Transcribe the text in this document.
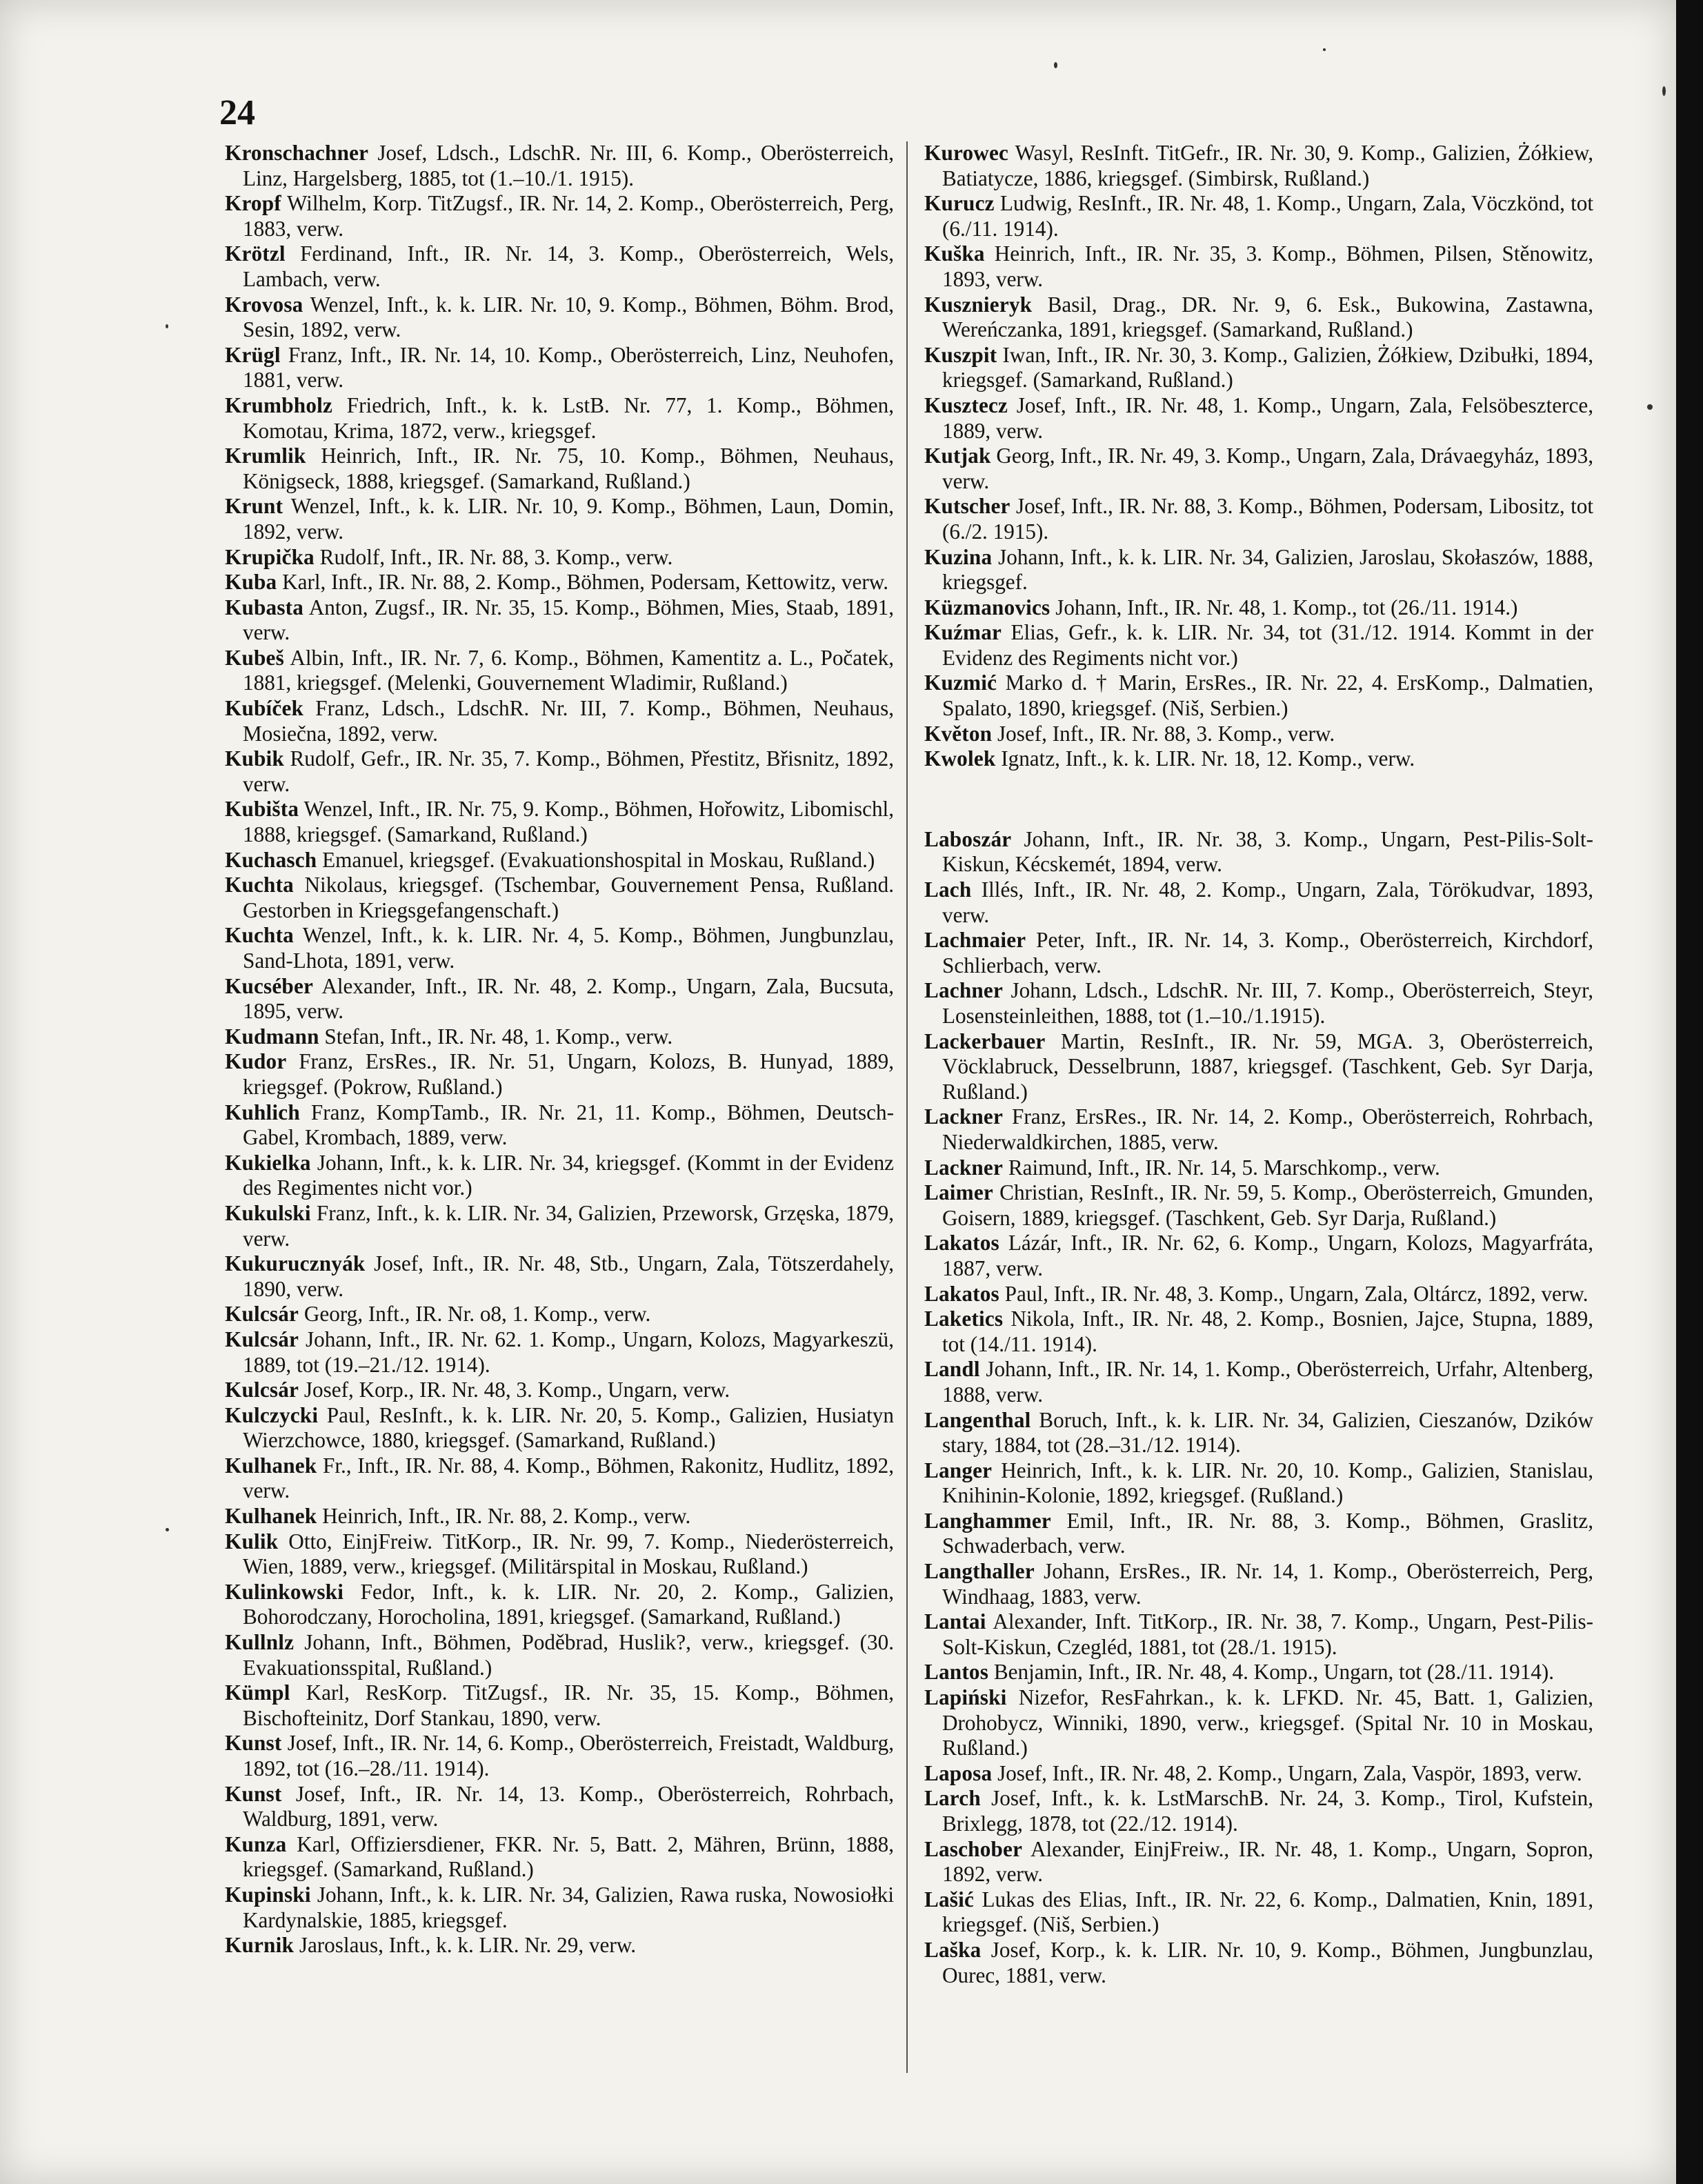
24

Kronschachner Josef, Ldsch., LdschR. Nr. III, 6. Komp., Oberösterreich, Linz, Hargelsberg, 1885, tot (1.–10./1. 1915).

Kropf Wilhelm, Korp. TitZugsf., IR. Nr. 14, 2. Komp., Oberösterreich, Perg, 1883, verw.

Krötzl Ferdinand, Inft., IR. Nr. 14, 3. Komp., Oberösterreich, Wels, Lambach, verw.

Krovosa Wenzel, Inft., k. k. LIR. Nr. 10, 9. Komp., Böhmen, Böhm. Brod, Sesin, 1892, verw.

Krügl Franz, Inft., IR. Nr. 14, 10. Komp., Oberösterreich, Linz, Neuhofen, 1881, verw.

Krumbholz Friedrich, Inft., k. k. LstB. Nr. 77, 1. Komp., Böhmen, Komotau, Krima, 1872, verw., kriegsgef.

Krumlik Heinrich, Inft., IR. Nr. 75, 10. Komp., Böhmen, Neuhaus, Königseck, 1888, kriegsgef. (Samarkand, Rußland.)

Krunt Wenzel, Inft., k. k. LIR. Nr. 10, 9. Komp., Böhmen, Laun, Domin, 1892, verw.

Krupička Rudolf, Inft., IR. Nr. 88, 3. Komp., verw.

Kuba Karl, Inft., IR. Nr. 88, 2. Komp., Böhmen, Podersam, Kettowitz, verw.

Kubasta Anton, Zugsf., IR. Nr. 35, 15. Komp., Böhmen, Mies, Staab, 1891, verw.

Kubeš Albin, Inft., IR. Nr. 7, 6. Komp., Böhmen, Kamentitz a. L., Počatek, 1881, kriegsgef. (Melenki, Gouvernement Wladimir, Rußland.)

Kubíček Franz, Ldsch., LdschR. Nr. III, 7. Komp., Böhmen, Neuhaus, Mosiečna, 1892, verw.

Kubik Rudolf, Gefr., IR. Nr. 35, 7. Komp., Böhmen, Přestitz, Břisnitz, 1892, verw.

Kubišta Wenzel, Inft., IR. Nr. 75, 9. Komp., Böhmen, Hořowitz, Libomischl, 1888, kriegsgef. (Samarkand, Rußland.)

Kuchasch Emanuel, kriegsgef. (Evakuationshospital in Moskau, Rußland.)

Kuchta Nikolaus, kriegsgef. (Tschembar, Gouvernement Pensa, Rußland. Gestorben in Kriegsgefangenschaft.)

Kuchta Wenzel, Inft., k. k. LIR. Nr. 4, 5. Komp., Böhmen, Jungbunzlau, Sand-Lhota, 1891, verw.

Kucséber Alexander, Inft., IR. Nr. 48, 2. Komp., Ungarn, Zala, Bucsuta, 1895, verw.

Kudmann Stefan, Inft., IR. Nr. 48, 1. Komp., verw.

Kudor Franz, ErsRes., IR. Nr. 51, Ungarn, Kolozs, B. Hunyad, 1889, kriegsgef. (Pokrow, Rußland.)

Kuhlich Franz, KompTamb., IR. Nr. 21, 11. Komp., Böhmen, Deutsch-Gabel, Krombach, 1889, verw.

Kukielka Johann, Inft., k. k. LIR. Nr. 34, kriegsgef. (Kommt in der Evidenz des Regimentes nicht vor.)

Kukulski Franz, Inft., k. k. LIR. Nr. 34, Galizien, Przeworsk, Grzęska, 1879, verw.

Kukurucznyák Josef, Inft., IR. Nr. 48, Stb., Ungarn, Zala, Tötszerdahely, 1890, verw.

Kulcsár Georg, Inft., IR. Nr. o8, 1. Komp., verw.

Kulcsár Johann, Inft., IR. Nr. 62. 1. Komp., Ungarn, Kolozs, Magyarkeszü, 1889, tot (19.–21./12. 1914).

Kulcsár Josef, Korp., IR. Nr. 48, 3. Komp., Ungarn, verw.

Kulczycki Paul, ResInft., k. k. LIR. Nr. 20, 5. Komp., Galizien, Husiatyn Wierzchowce, 1880, kriegsgef. (Samarkand, Rußland.)

Kulhanek Fr., Inft., IR. Nr. 88, 4. Komp., Böhmen, Rakonitz, Hudlitz, 1892, verw.

Kulhanek Heinrich, Inft., IR. Nr. 88, 2. Komp., verw.

Kulik Otto, EinjFreiw. TitKorp., IR. Nr. 99, 7. Komp., Niederösterreich, Wien, 1889, verw., kriegsgef. (Militärspital in Moskau, Rußland.)

Kulinkowski Fedor, Inft., k. k. LIR. Nr. 20, 2. Komp., Galizien, Bohorodczany, Horocholina, 1891, kriegsgef. (Samarkand, Rußland.)

Kullnlz Johann, Inft., Böhmen, Poděbrad, Huslik?, verw., kriegsgef. (30. Evakuationsspital, Rußland.)

Kümpl Karl, ResKorp. TitZugsf., IR. Nr. 35, 15. Komp., Böhmen, Bischofteinitz, Dorf Stankau, 1890, verw.

Kunst Josef, Inft., IR. Nr. 14, 6. Komp., Oberösterreich, Freistadt, Waldburg, 1892, tot (16.–28./11. 1914).

Kunst Josef, Inft., IR. Nr. 14, 13. Komp., Oberösterreich, Rohrbach, Waldburg, 1891, verw.

Kunza Karl, Offiziersdiener, FKR. Nr. 5, Batt. 2, Mähren, Brünn, 1888, kriegsgef. (Samarkand, Rußland.)

Kupinski Johann, Inft., k. k. LIR. Nr. 34, Galizien, Rawa ruska, Nowosiołki Kardynalskie, 1885, kriegsgef.

Kurnik Jaroslaus, Inft., k. k. LIR. Nr. 29, verw.

Kurowec Wasyl, ResInft. TitGefr., IR. Nr. 30, 9. Komp., Galizien, Żółkiew, Batiatycze, 1886, kriegsgef. (Simbirsk, Rußland.)

Kurucz Ludwig, ResInft., IR. Nr. 48, 1. Komp., Ungarn, Zala, Vöczkönd, tot (6./11. 1914).

Kuška Heinrich, Inft., IR. Nr. 35, 3. Komp., Böhmen, Pilsen, Stěnowitz, 1893, verw.

Kusznieryk Basil, Drag., DR. Nr. 9, 6. Esk., Bukowina, Zastawna, Wereńczanka, 1891, kriegsgef. (Samarkand, Rußland.)

Kuszpit Iwan, Inft., IR. Nr. 30, 3. Komp., Galizien, Żółkiew, Dzibułki, 1894, kriegsgef. (Samarkand, Rußland.)

Kusztecz Josef, Inft., IR. Nr. 48, 1. Komp., Ungarn, Zala, Felsöbeszterce, 1889, verw.

Kutjak Georg, Inft., IR. Nr. 49, 3. Komp., Ungarn, Zala, Drávaegyház, 1893, verw.

Kutscher Josef, Inft., IR. Nr. 88, 3. Komp., Böhmen, Podersam, Libositz, tot (6./2. 1915).

Kuzina Johann, Inft., k. k. LIR. Nr. 34, Galizien, Jaroslau, Skołaszów, 1888, kriegsgef.

Küzmanovics Johann, Inft., IR. Nr. 48, 1. Komp., tot (26./11. 1914.)

Kuźmar Elias, Gefr., k. k. LIR. Nr. 34, tot (31./12. 1914. Kommt in der Evidenz des Regiments nicht vor.)

Kuzmić Marko d. † Marin, ErsRes., IR. Nr. 22, 4. ErsKomp., Dalmatien, Spalato, 1890, kriegsgef. (Niš, Serbien.)

Květon Josef, Inft., IR. Nr. 88, 3. Komp., verw.

Kwolek Ignatz, Inft., k. k. LIR. Nr. 18, 12. Komp., verw.

Laboszár Johann, Inft., IR. Nr. 38, 3. Komp., Ungarn, Pest-Pilis-Solt-Kiskun, Kécskemét, 1894, verw.

Lach Illés, Inft., IR. Nr. 48, 2. Komp., Ungarn, Zala, Törökudvar, 1893, verw.

Lachmaier Peter, Inft., IR. Nr. 14, 3. Komp., Oberösterreich, Kirchdorf, Schlierbach, verw.

Lachner Johann, Ldsch., LdschR. Nr. III, 7. Komp., Oberösterreich, Steyr, Losensteinleithen, 1888, tot (1.–10./1.1915).

Lackerbauer Martin, ResInft., IR. Nr. 59, MGA. 3, Oberösterreich, Vöcklabruck, Desselbrunn, 1887, kriegsgef. (Taschkent, Geb. Syr Darja, Rußland.)

Lackner Franz, ErsRes., IR. Nr. 14, 2. Komp., Oberösterreich, Rohrbach, Niederwaldkirchen, 1885, verw.

Lackner Raimund, Inft., IR. Nr. 14, 5. Marschkomp., verw.

Laimer Christian, ResInft., IR. Nr. 59, 5. Komp., Oberösterreich, Gmunden, Goisern, 1889, kriegsgef. (Taschkent, Geb. Syr Darja, Rußland.)

Lakatos Lázár, Inft., IR. Nr. 62, 6. Komp., Ungarn, Kolozs, Magyarfráta, 1887, verw.

Lakatos Paul, Inft., IR. Nr. 48, 3. Komp., Ungarn, Zala, Oltárcz, 1892, verw.

Laketics Nikola, Inft., IR. Nr. 48, 2. Komp., Bosnien, Jajce, Stupna, 1889, tot (14./11. 1914).

Landl Johann, Inft., IR. Nr. 14, 1. Komp., Oberösterreich, Urfahr, Altenberg, 1888, verw.

Langenthal Boruch, Inft., k. k. LIR. Nr. 34, Galizien, Cieszanów, Dzików stary, 1884, tot (28.–31./12. 1914).

Langer Heinrich, Inft., k. k. LIR. Nr. 20, 10. Komp., Galizien, Stanislau, Knihinin-Kolonie, 1892, kriegsgef. (Rußland.)

Langhammer Emil, Inft., IR. Nr. 88, 3. Komp., Böhmen, Graslitz, Schwaderbach, verw.

Langthaller Johann, ErsRes., IR. Nr. 14, 1. Komp., Oberösterreich, Perg, Windhaag, 1883, verw.

Lantai Alexander, Inft. TitKorp., IR. Nr. 38, 7. Komp., Ungarn, Pest-Pilis-Solt-Kiskun, Czegléd, 1881, tot (28./1. 1915).

Lantos Benjamin, Inft., IR. Nr. 48, 4. Komp., Ungarn, tot (28./11. 1914).

Lapiński Nizefor, ResFahrkan., k. k. LFKD. Nr. 45, Batt. 1, Galizien, Drohobycz, Winniki, 1890, verw., kriegsgef. (Spital Nr. 10 in Moskau, Rußland.)

Laposa Josef, Inft., IR. Nr. 48, 2. Komp., Ungarn, Zala, Vaspör, 1893, verw.

Larch Josef, Inft., k. k. LstMarschB. Nr. 24, 3. Komp., Tirol, Kufstein, Brixlegg, 1878, tot (22./12. 1914).

Laschober Alexander, EinjFreiw., IR. Nr. 48, 1. Komp., Ungarn, Sopron, 1892, verw.

Lašić Lukas des Elias, Inft., IR. Nr. 22, 6. Komp., Dalmatien, Knin, 1891, kriegsgef. (Niš, Serbien.)

Laška Josef, Korp., k. k. LIR. Nr. 10, 9. Komp., Böhmen, Jungbunzlau, Ourec, 1881, verw.
